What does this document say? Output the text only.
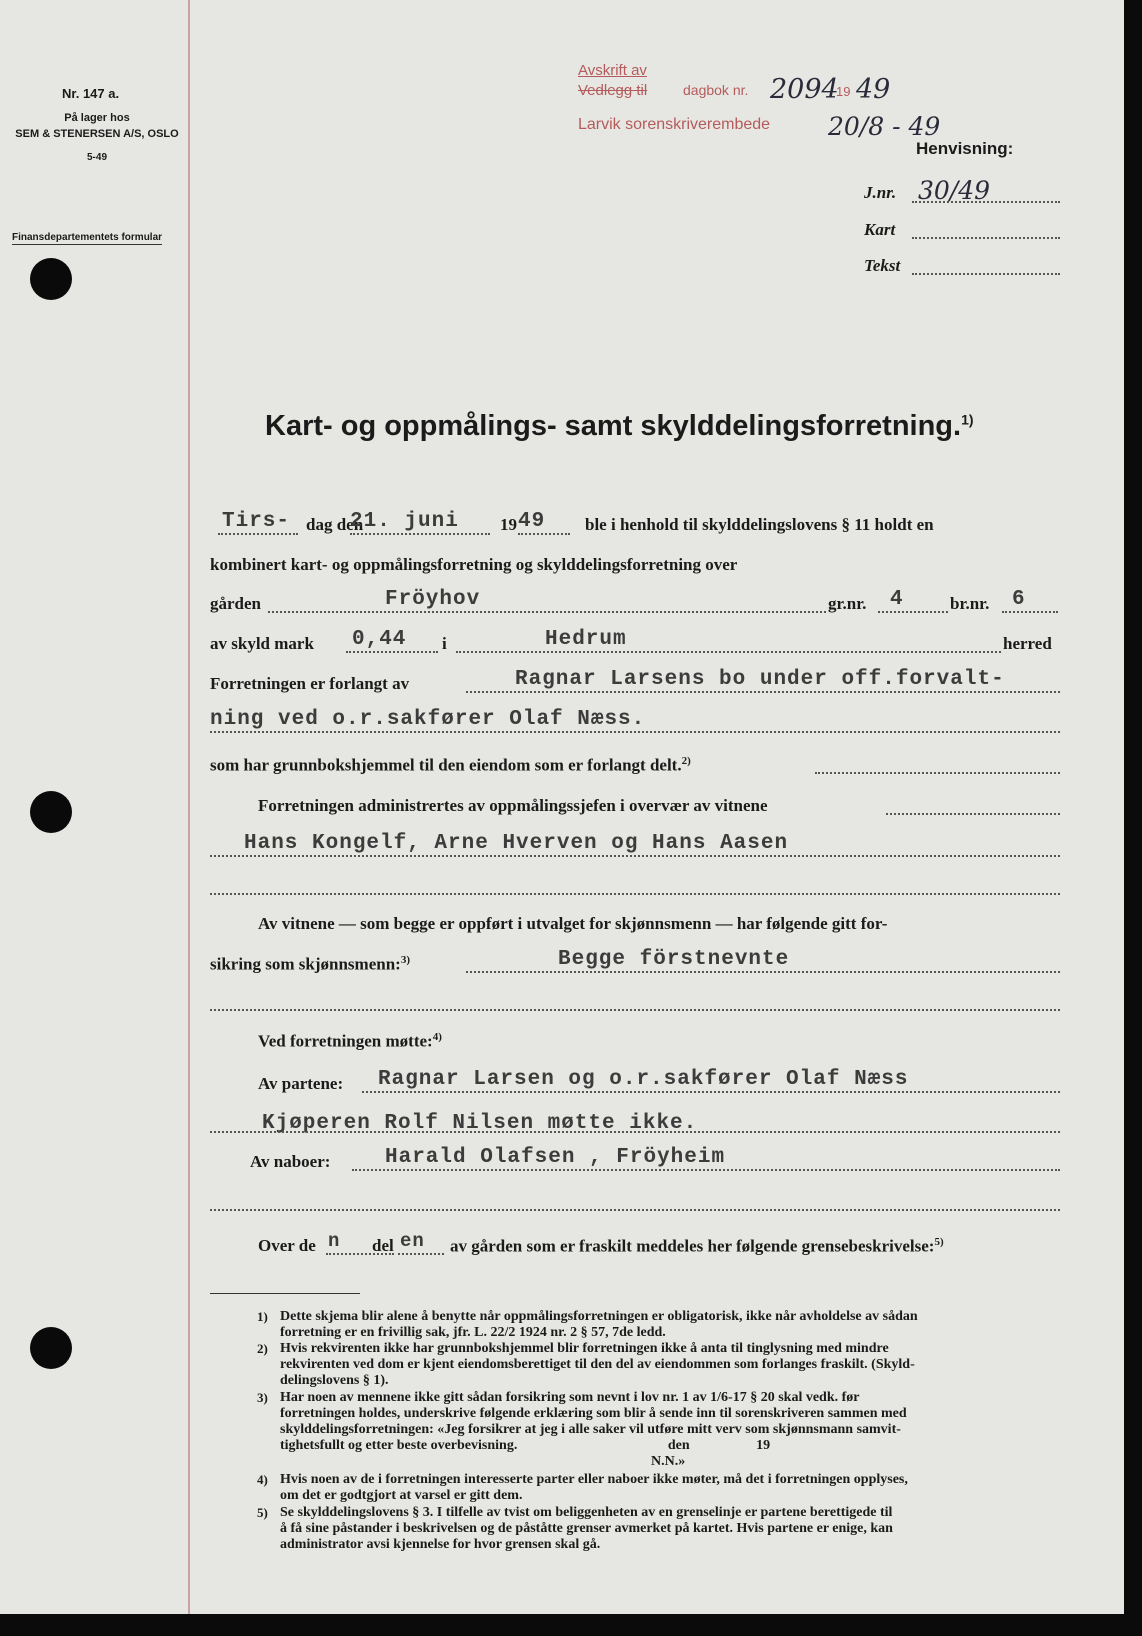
Nr. 147 a.
På lager hos
SEM & STENERSEN A/S, OSLO
5-49
Finansdepartementets formular
Avskrift av
Vedlegg til	dagbok nr. 2094
19 49
Larvik sorenskriverembede 20/8 - 49
Henvisning:
J.nr. 30/49
Kart
Tekst
Kart- og oppmålings- samt skylddelingsforretning.$^{1)}$
Tirs- dag den
21. juni 19 49 ble i henhold til skylddelingslovens § 11 holdt en
kombinert kart- og oppmålingsforretning og skylddelingsforretning over
gården	Fröyhov	gr.nr. 4	br.nr. 6
av skyld mark 0,44 i	Hedrum	herred
Forretningen er forlangt av	Ragnar Larsens bo under off.forvalt-
ning ved o.r.sakfører Olaf Næss.
som har grunnbokshjemmel til den eiendom som er forlangt delt.$^{2)}$
Forretningen administrertes av oppmålingssjefen i overvær av vitnene
Hans Kongelf, Arne Hverven og Hans Aasen
Av vitnene — som begge er oppført i utvalget for skjønnsmenn — har følgende gitt for-
sikring som skjønnsmenn:$^{3)}$	Begge förstnevnte
Ved forretningen møtte:$^{4)}$
Av partene: Ragnar Larsen og o.r.sakfører Olaf Næss
Kjøperen Rolf Nilsen møtte ikke.
Av naboer:	Harald Olafsen , Fröyheim
Over de n del en av gården som er fraskilt meddeles her følgende grensebeskrivelse:$^{5)}$
1) Dette skjema blir alene å benytte når oppmålingsforretningen er obligatorisk, ikke når avholdelse av sådan
forretning er en frivillig sak, jfr. L. 22/2 1924 nr. 2 § 57, 7de ledd.
2) Hvis rekvirenten ikke har grunnbokshjemmel blir forretningen ikke å anta til tinglysning med mindre
rekvirenten ved dom er kjent eiendomsberettiget til den del av eiendommen som forlanges fraskilt. (Skyld-
delingslovens § 1).
3) Har noen av mennene ikke gitt sådan forsikring som nevnt i lov nr. 1 av 1/6-17 § 20 skal vedk. før
forretningen holdes, underskrive følgende erklæring som blir å sende inn til sorenskriveren sammen med
skylddelingsforretningen: «Jeg forsikrer at jeg i alle saker vil utføre mitt verv som skjønnsmann samvit-
tighetsfullt og etter beste overbevisning.                                           den                   19
N.N.»
4) Hvis noen av de i forretningen interesserte parter eller naboer ikke møter, må det i forretningen opplyses,
om det er godtgjort at varsel er gitt dem.
5) Se skylddelingslovens § 3. I tilfelle av tvist om beliggenheten av en grenselinje er partene berettigede til
å få sine påstander i beskrivelsen og de påståtte grenser avmerket på kartet. Hvis partene er enige, kan
administrator avsi kjennelse for hvor grensen skal gå.
